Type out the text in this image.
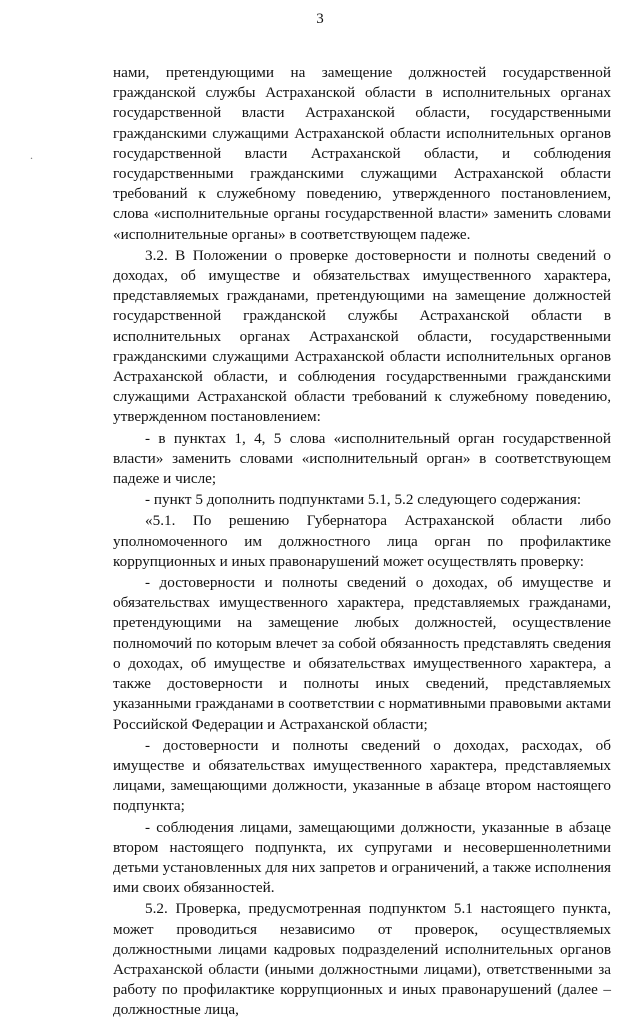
3
.

нами, претендующими на замещение должностей государственной гражданской службы Астраханской области в исполнительных органах государственной власти Астраханской области, государственными гражданскими служащими Астраханской области исполнительных органов государственной власти Астраханской области, и соблюдения государственными гражданскими служащими Астраханской области требований к служебному поведению, утвержденного постановлением, слова «исполнительные органы государственной власти» заменить словами «исполнительные органы» в соответствующем падеже.

3.2. В Положении о проверке достоверности и полноты сведений о доходах, об имуществе и обязательствах имущественного характера, представляемых гражданами, претендующими на замещение должностей государственной гражданской службы Астраханской области в исполнительных органах Астраханской области, государственными гражданскими служащими Астраханской области исполнительных органов Астраханской области, и соблюдения государственными гражданскими служащими Астраханской области требований к служебному поведению, утвержденном постановлением:

- в пунктах 1, 4, 5 слова «исполнительный орган государственной власти» заменить словами «исполнительный орган» в соответствующем падеже и числе;

- пункт 5 дополнить подпунктами 5.1, 5.2 следующего содержания:

«5.1. По решению Губернатора Астраханской области либо уполномоченного им должностного лица орган по профилактике коррупционных и иных правонарушений может осуществлять проверку:

- достоверности и полноты сведений о доходах, об имуществе и обязательствах имущественного характера, представляемых гражданами, претендующими на замещение любых должностей, осуществление полномочий по которым влечет за собой обязанность представлять сведения о доходах, об имуществе и обязательствах имущественного характера, а также достоверности и полноты иных сведений, представляемых указанными гражданами в соответствии с нормативными правовыми актами Российской Федерации и Астраханской области;

- достоверности и полноты сведений о доходах, расходах, об имуществе и обязательствах имущественного характера, представляемых лицами, замещающими должности, указанные в абзаце втором настоящего подпункта;

- соблюдения лицами, замещающими должности, указанные в абзаце втором настоящего подпункта, их супругами и несовершеннолетними детьми установленных для них запретов и ограничений, а также исполнения ими своих обязанностей.

5.2. Проверка, предусмотренная подпунктом 5.1 настоящего пункта, может проводиться независимо от проверок, осуществляемых должностными лицами кадровых подразделений исполнительных органов Астраханской области (иными должностными лицами), ответственными за работу по профилактике коррупционных и иных правонарушений (далее – должностные лица,
